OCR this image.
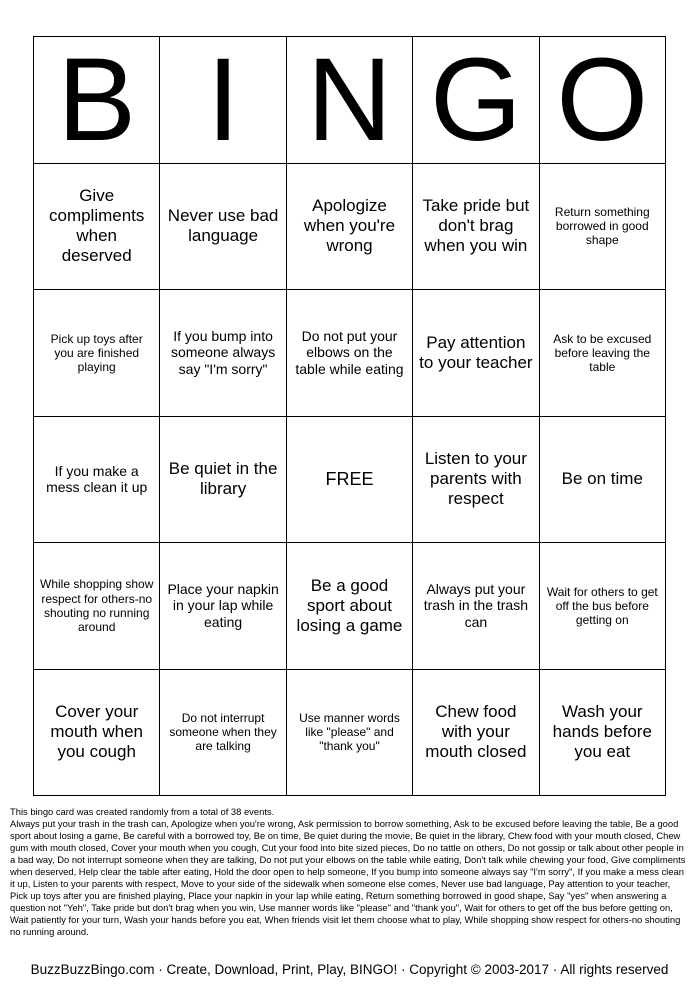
B	I	N	G	O
Give compliments when deserved	Never use bad language	Apologize when you're wrong	Take pride but don't brag when you win	Return something borrowed in good shape
Pick up toys after you are finished playing	If you bump into someone always say "I'm sorry"	Do not put your elbows on the table while eating	Pay attention to your teacher	Ask to be excused before leaving the table
If you make a mess clean it up	Be quiet in the library	FREE	Listen to your parents with respect	Be on time
While shopping show respect for others-no shouting no running around	Place your napkin in your lap while eating	Be a good sport about losing a game	Always put your trash in the trash can	Wait for others to get off the bus before getting on
Cover your mouth when you cough	Do not interrupt someone when they are talking	Use manner words like "please" and "thank you"	Chew food with your mouth closed	Wash your hands before you eat

This bingo card was created randomly from a total of 38 events.

Always put your trash in the trash can, Apologize when you're wrong, Ask permission to borrow something, Ask to be excused before leaving the table, Be a good sport about losing a game, Be careful with a borrowed toy, Be on time, Be quiet during the movie, Be quiet in the library, Chew food with your mouth closed, Chew gum with mouth closed, Cover your mouth when you cough, Cut your food into bite sized pieces, Do no tattle on others, Do not gossip or talk about other people in a bad way, Do not interrupt someone when they are talking, Do not put your elbows on the table while eating, Don't talk while chewing your food, Give compliments when deserved, Help clear the table after eating, Hold the door open to help someone, If you bump into someone always say "I'm sorry", If you make a mess clean it up, Listen to your parents with respect, Move to your side of the sidewalk when someone else comes, Never use bad language, Pay attention to your teacher, Pick up toys after you are finished playing, Place your napkin in your lap while eating, Return something borrowed in good shape, Say "yes" when answering a question not "Yeh", Take pride but don't brag when you win, Use manner words like "please" and "thank you", Wait for others to get off the bus before getting on, Wait patiently for your turn, Wash your hands before you eat, When friends visit let them choose what to play, While shopping show respect for others-no shouting no running around.

BuzzBuzzBingo.com · Create, Download, Print, Play, BINGO! · Copyright © 2003-2017 · All rights reserved
